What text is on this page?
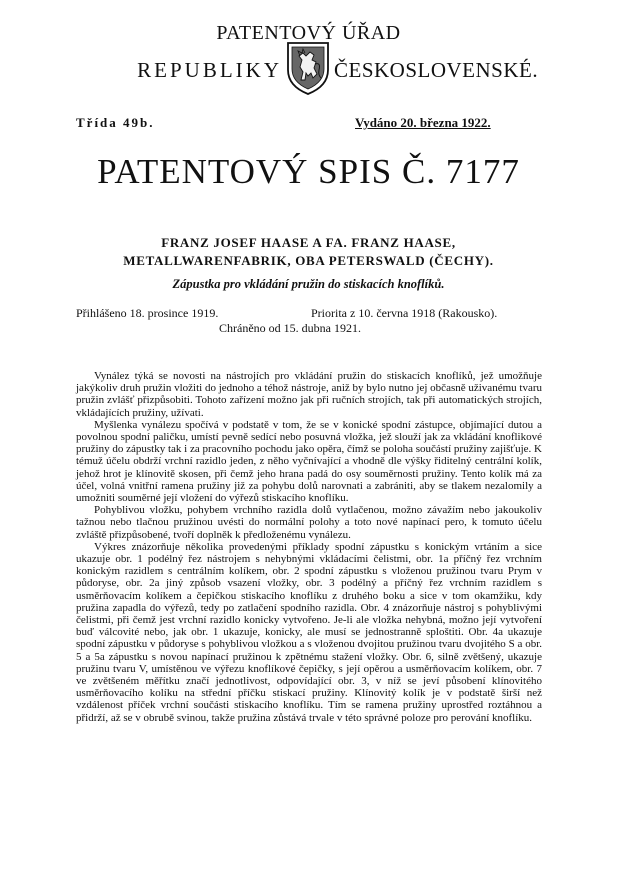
PATENTOVÝ ÚŘAD
REPUBLIKY ČESKOSLOVENSKÉ.
Třída 49b.	Vydáno 20. března 1922.
PATENTOVÝ SPIS Č. 7177
FRANZ JOSEF HAASE A FA. FRANZ HAASE,
METALLWARENFABRIK, OBA PETERSWALD (ČECHY).
Zápustka pro vkládání pružin do stiskacích knoflíků.
Přihlášeno 18. prosince 1919.	Priorita z 10. června 1918 (Rakousko).
Chráněno od 15. dubna 1921.

Vynález týká se novosti na nástrojích pro vkládání pružin do stiskacích knoflíků, jež umožňuje jakýkoliv druh pružin vložiti do jednoho a téhož nástroje, aniž by bylo nutno jej občasně uživanému tvaru pružin zvlášť přizpůsobiti. Tohoto zařízení možno jak při ručních strojích, tak při automatických strojích, vkládajících pružiny, užívati.

Myšlenka vynálezu spočívá v podstatě v tom, že se v konické spodní zástupce, objímající dutou a povolnou spodní paličku, umístí pevně sedící nebo posuvná vložka, jež slouží jak za vkládání knoflikové pružiny do zápustky tak i za pracovního pochodu jako opěra, čímž se poloha součástí pružiny zajišťuje. K témuž účelu obdrží vrchní razidlo jeden, z něho vyčnívající a vhodně dle výšky řiditelný centrální kolík, jehož hrot je klínovitě skosen, při čemž jeho hrana padá do osy souměrnosti pružiny. Tento kolík má za účel, volná vnitřní ramena pružiny již za pohybu dolů narovnati a zabrániti, aby se tlakem nezalomily a umožniti souměrné její vložení do výřezů stiskacího knoflíku.

Pohyblivou vložku, pohybem vrchního razidla dolů vytlačenou, možno závažím nebo jakoukoliv tažnou nebo tlačnou pružinou uvésti do normální polohy a toto nové napínací pero, k tomuto účelu zvláště přizpůsobené, tvoří doplněk k předloženému vynálezu.

Výkres znázorňuje několika provedenými příklady spodní zápustku s konickým vrtáním a sice ukazuje obr. 1 podélný řez nástrojem s nehybnými vkládacími čelistmi, obr. 1a příčný řez vrchním konickým razidlem s centrálním kolíkem, obr. 2 spodní zápustku s vloženou pružinou tvaru Prym v půdoryse, obr. 2a jiný způsob vsazení vložky, obr. 3 podélný a příčný řez vrchním razidlem s usměrňovacím kolíkem a čepičkou stiskacího knoflíku z druhého boku a sice v tom okamžiku, kdy pružina zapadla do výřezů, tedy po zatlačení spodního razidla. Obr. 4 znázorňuje nástroj s pohyblivými čelistmi, při čemž jest vrchní razidlo konicky vytvořeno. Je-li ale vložka nehybná, možno její vytvoření buď válcovité nebo, jak obr. 1 ukazuje, konicky, ale musí se jednostranně sploštiti. Obr. 4a ukazuje spodní zápustku v půdoryse s pohyblivou vložkou a s vloženou dvojitou pružinou tvaru dvojitého S a obr. 5 a 5a zápustku s novou napínací pružinou k zpětnému stažení vložky. Obr. 6, silně zvětšený, ukazuje pružinu tvaru V, umístěnou ve výřezu knoflíkové čepičky, s její opěrou a usměrňovacím kolíkem, obr. 7 ve zvětšeném měřítku značí jednotlivost, odpovídající obr. 3, v níž se jeví působení klínovitého usměrňovacího kolíku na střední příčku stiskací pružiny. Klínovitý kolík je v podstatě širší než vzdálenost příček vrchní součásti stiskacího knoflíku. Tím se ramena pružiny uprostřed roztáhnou a přidrží, až se v obrubě svinou, takže pružina zůstává trvale v této správné poloze pro perování knoflíku.
